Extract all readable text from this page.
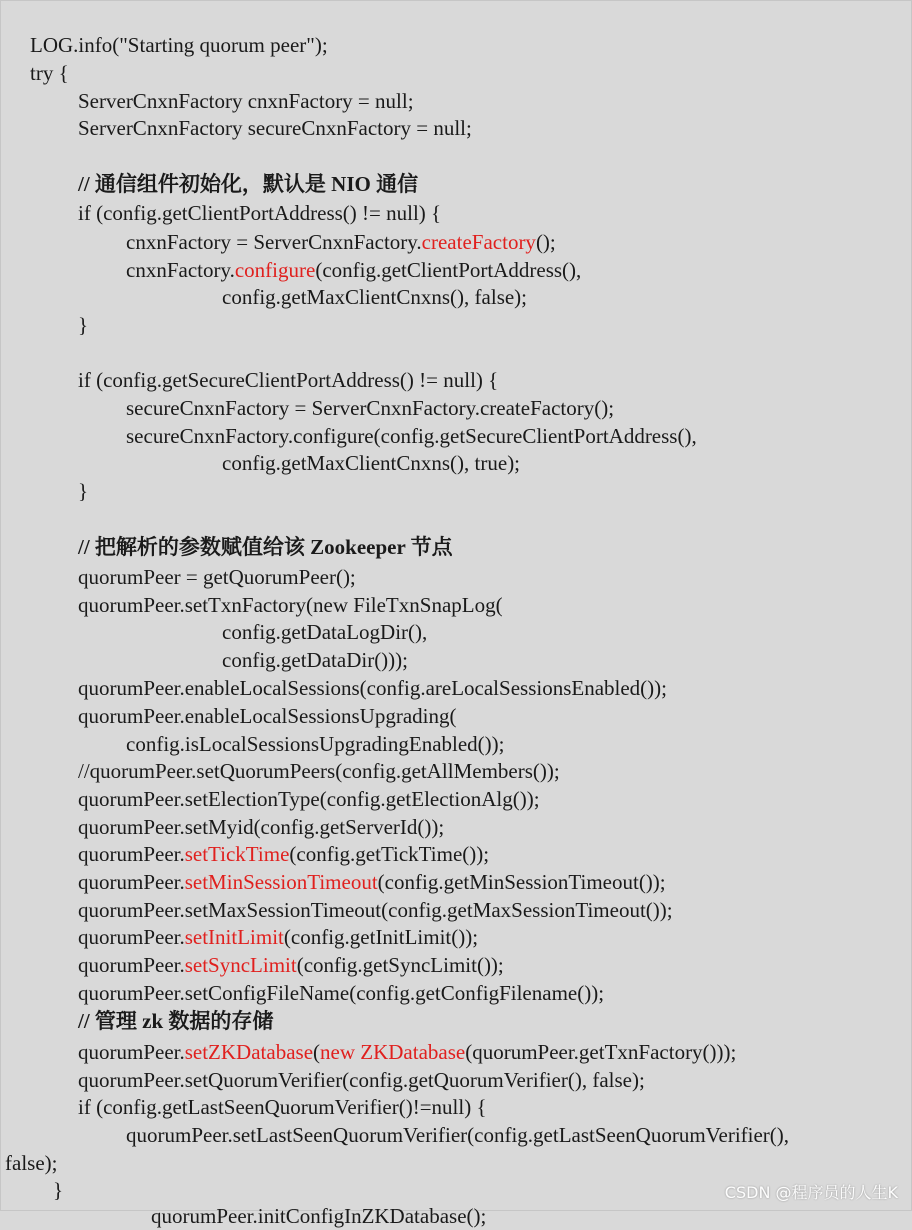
LOG.info("Starting quorum peer");
try {
ServerCnxnFactory cnxnFactory = null;
ServerCnxnFactory secureCnxnFactory = null;
// 通信组件初始化，默认是 NIO 通信
if (config.getClientPortAddress() != null) {
cnxnFactory = ServerCnxnFactory.createFactory();
cnxnFactory.configure(config.getClientPortAddress(),
config.getMaxClientCnxns(), false);
}
if (config.getSecureClientPortAddress() != null) {
secureCnxnFactory = ServerCnxnFactory.createFactory();
secureCnxnFactory.configure(config.getSecureClientPortAddress(),
config.getMaxClientCnxns(), true);
}
// 把解析的参数赋值给该 Zookeeper 节点
quorumPeer = getQuorumPeer();
quorumPeer.setTxnFactory(new FileTxnSnapLog(
config.getDataLogDir(),
config.getDataDir()));
quorumPeer.enableLocalSessions(config.areLocalSessionsEnabled());
quorumPeer.enableLocalSessionsUpgrading(
config.isLocalSessionsUpgradingEnabled());
//quorumPeer.setQuorumPeers(config.getAllMembers());
quorumPeer.setElectionType(config.getElectionAlg());
quorumPeer.setMyid(config.getServerId());
quorumPeer.setTickTime(config.getTickTime());
quorumPeer.setMinSessionTimeout(config.getMinSessionTimeout());
quorumPeer.setMaxSessionTimeout(config.getMaxSessionTimeout());
quorumPeer.setInitLimit(config.getInitLimit());
quorumPeer.setSyncLimit(config.getSyncLimit());
quorumPeer.setConfigFileName(config.getConfigFilename());
// 管理 zk 数据的存储
quorumPeer.setZKDatabase(new ZKDatabase(quorumPeer.getTxnFactory()));
quorumPeer.setQuorumVerifier(config.getQuorumVerifier(), false);
if (config.getLastSeenQuorumVerifier()!=null) {
quorumPeer.setLastSeenQuorumVerifier(config.getLastSeenQuorumVerifier(),
false);
}
quorumPeer.initConfigInZKDatabase();
CSDN @程序员的人生K
